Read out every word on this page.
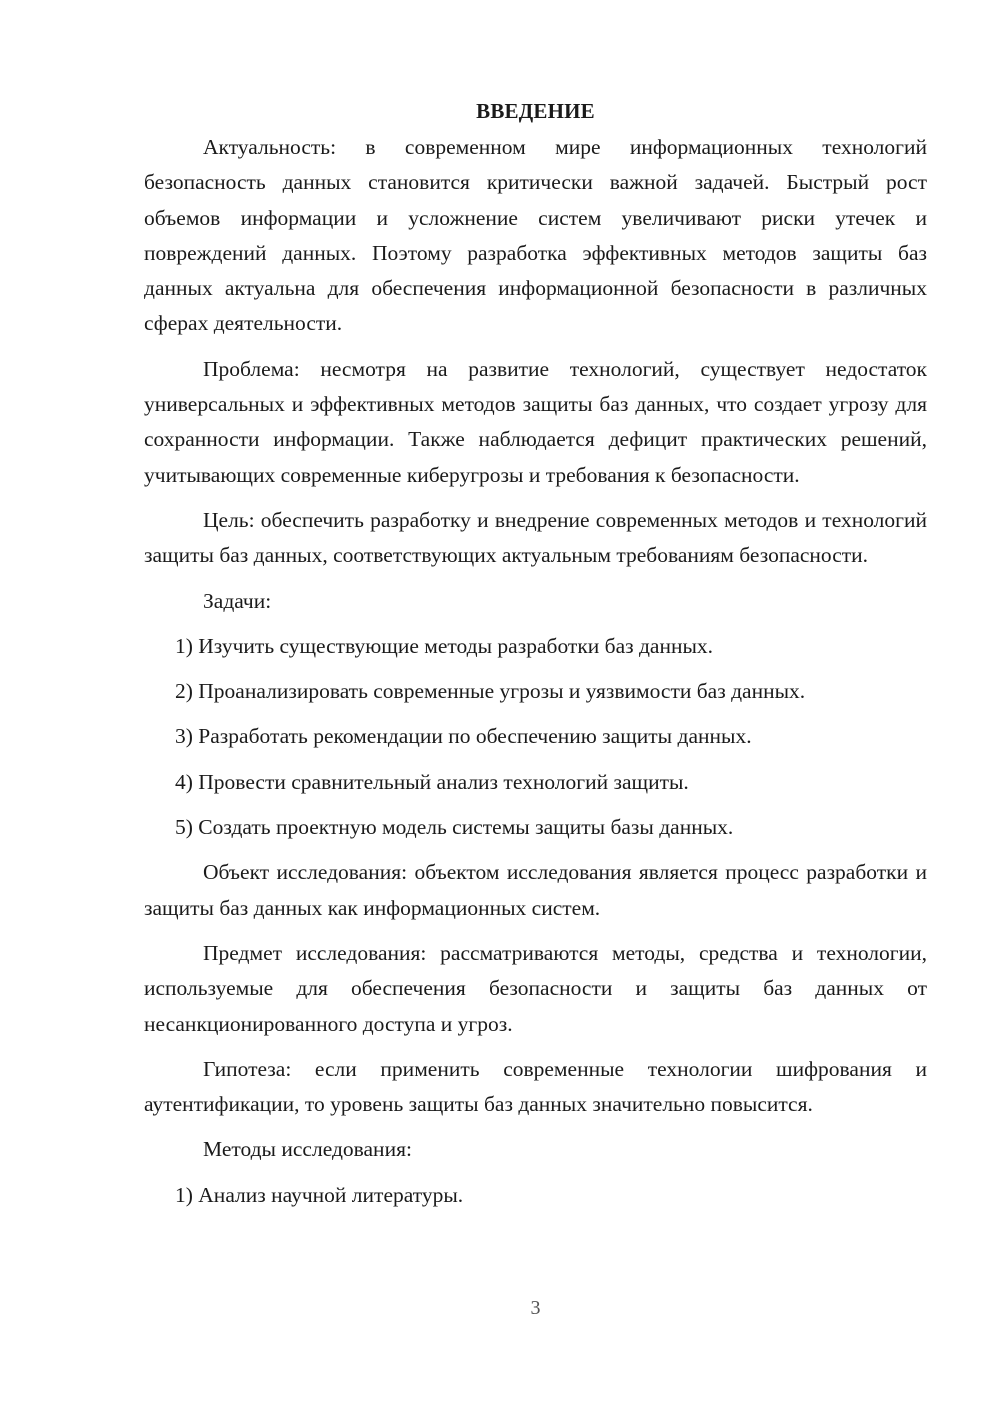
ВВЕДЕНИЕ

Актуальность: в современном мире информационных технологий безопасность данных становится критически важной задачей. Быстрый рост объемов информации и усложнение систем увеличивают риски утечек и повреждений данных. Поэтому разработка эффективных методов защиты баз данных актуальна для обеспечения информационной безопасности в различных сферах деятельности.

Проблема: несмотря на развитие технологий, существует недостаток универсальных и эффективных методов защиты баз данных, что создает угрозу для сохранности информации. Также наблюдается дефицит практических решений, учитывающих современные киберугрозы и требования к безопасности.

Цель: обеспечить разработку и внедрение современных методов и технологий защиты баз данных, соответствующих актуальным требованиям безопасности.

Задачи:
1) Изучить существующие методы разработки баз данных.
2) Проанализировать современные угрозы и уязвимости баз данных.
3) Разработать рекомендации по обеспечению защиты данных.
4) Провести сравнительный анализ технологий защиты.
5) Создать проектную модель системы защиты базы данных.

Объект исследования: объектом исследования является процесс разработки и защиты баз данных как информационных систем.

Предмет исследования: рассматриваются методы, средства и технологии, используемые для обеспечения безопасности и защиты баз данных от несанкционированного доступа и угроз.

Гипотеза: если применить современные технологии шифрования и аутентификации, то уровень защиты баз данных значительно повысится.

Методы исследования:
1) Анализ научной литературы.
3
